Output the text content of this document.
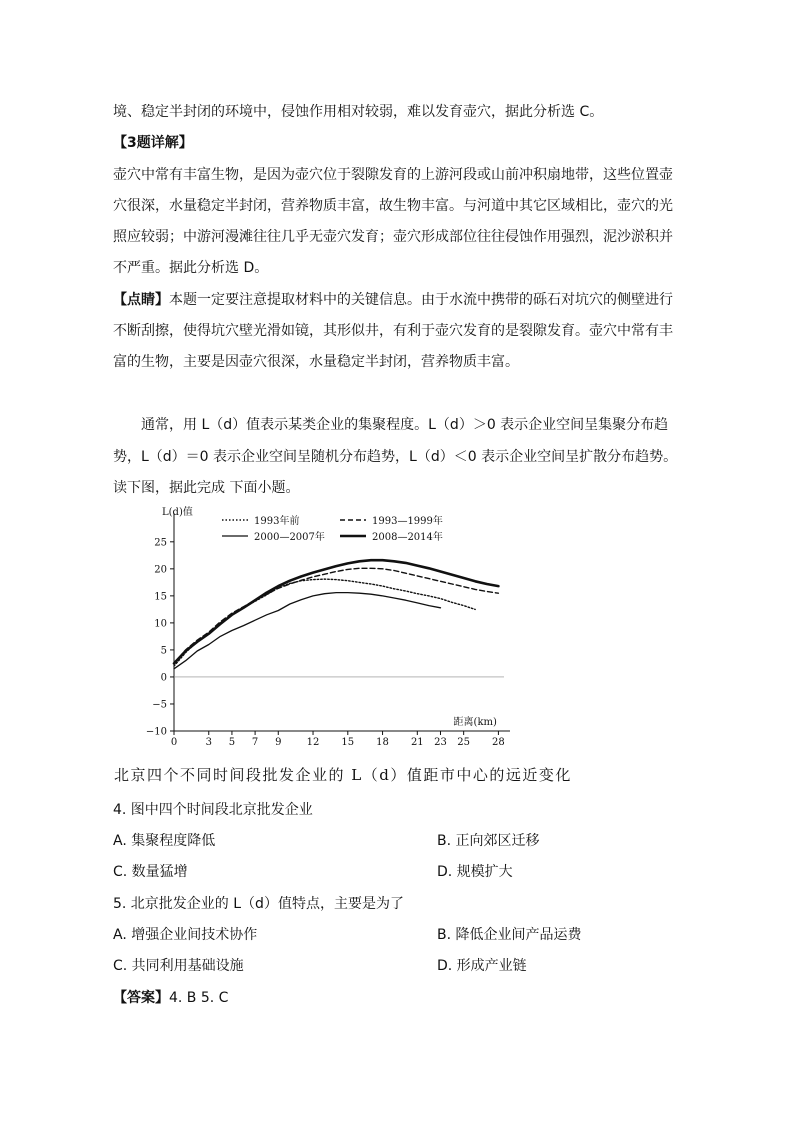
境、稳定半封闭的环境中，侵蚀作用相对较弱，难以发育壶穴，据此分析选 C。
【3题详解】
壶穴中常有丰富生物，是因为壶穴位于裂隙发育的上游河段或山前冲积扇地带，这些位置壶
穴很深，水量稳定半封闭，营养物质丰富，故生物丰富。与河道中其它区域相比，壶穴的光
照应较弱；中游河漫滩往往几乎无壶穴发育；壶穴形成部位往往侵蚀作用强烈，泥沙淤积并
不严重。据此分析选 D。
【点睛】本题一定要注意提取材料中的关键信息。由于水流中携带的砾石对坑穴的侧壁进行
不断刮擦，使得坑穴壁光滑如镜，其形似井，有利于壶穴发育的是裂隙发育。壶穴中常有丰
富的生物，主要是因壶穴很深，水量稳定半封闭，营养物质丰富。
　　通常，用 L（d）值表示某类企业的集聚程度。L（d）＞0 表示企业空间呈集聚分布趋
势，L（d）＝0 表示企业空间呈随机分布趋势，L（d）＜0 表示企业空间呈扩散分布趋势。
读下图，据此完成 下面小题。
−10
−5
0
5
10
15
20
25
0	3 5 7 9	12 15 18 21 23 25 28
L(d)值
距离(km)
1993年前	1993—1999年
2000—2007年	2008—2014年
北京四个不同时间段批发企业的 L（d）值距市中心的远近变化
4. 图中四个时间段北京批发企业
A. 集聚程度降低	B. 正向郊区迁移
C. 数量猛增	D. 规模扩大
5. 北京批发企业的 L（d）值特点，主要是为了
A. 增强企业间技术协作	B. 降低企业间产品运费
C. 共同利用基础设施	D. 形成产业链
【答案】4. B 5. C
